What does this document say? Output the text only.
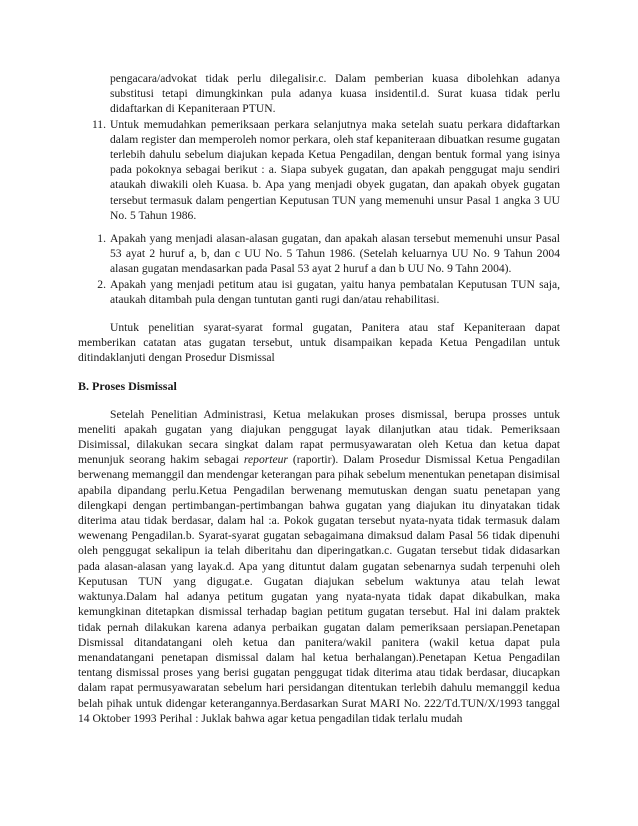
pengacara/advokat tidak perlu dilegalisir.c. Dalam pemberian kuasa dibolehkan adanya substitusi tetapi dimungkinkan pula adanya kuasa insidentil.d. Surat kuasa tidak perlu didaftarkan di Kepaniteraan PTUN.
11. Untuk memudahkan pemeriksaan perkara selanjutnya maka setelah suatu perkara didaftarkan dalam register dan memperoleh nomor perkara, oleh staf kepaniteraan dibuatkan resume gugatan terlebih dahulu sebelum diajukan kepada Ketua Pengadilan, dengan bentuk formal yang isinya pada pokoknya sebagai berikut : a. Siapa subyek gugatan, dan apakah penggugat maju sendiri ataukah diwakili oleh Kuasa. b. Apa yang menjadi obyek gugatan, dan apakah obyek gugatan tersebut termasuk dalam pengertian Keputusan TUN yang memenuhi unsur Pasal 1 angka 3 UU No. 5 Tahun 1986.
1. Apakah yang menjadi alasan-alasan gugatan, dan apakah alasan tersebut memenuhi unsur Pasal 53 ayat 2 huruf a, b, dan c UU No. 5 Tahun 1986. (Setelah keluarnya UU No. 9 Tahun 2004 alasan gugatan mendasarkan pada Pasal 53 ayat 2 huruf a dan b UU No. 9 Tahn 2004).
2. Apakah yang menjadi petitum atau isi gugatan, yaitu hanya pembatalan Keputusan TUN saja, ataukah ditambah pula dengan tuntutan ganti rugi dan/atau rehabilitasi.

Untuk penelitian syarat-syarat formal gugatan, Panitera atau staf Kepaniteraan dapat memberikan catatan atas gugatan tersebut, untuk disampaikan kepada Ketua Pengadilan untuk ditindaklanjuti dengan Prosedur Dismissal

B. Proses Dismissal

Setelah Penelitian Administrasi, Ketua melakukan proses dismissal, berupa prosses untuk meneliti apakah gugatan yang diajukan penggugat layak dilanjutkan atau tidak. Pemeriksaan Disimissal, dilakukan secara singkat dalam rapat permusyawaratan oleh Ketua dan ketua dapat menunjuk seorang hakim sebagai reporteur (raportir). Dalam Prosedur Dismissal Ketua Pengadilan berwenang memanggil dan mendengar keterangan para pihak sebelum menentukan penetapan disimisal apabila dipandang perlu.Ketua Pengadilan berwenang memutuskan dengan suatu penetapan yang dilengkapi dengan pertimbangan-pertimbangan bahwa gugatan yang diajukan itu dinyatakan tidak diterima atau tidak berdasar, dalam hal :a. Pokok gugatan tersebut nyata-nyata tidak termasuk dalam wewenang Pengadilan.b. Syarat-syarat gugatan sebagaimana dimaksud dalam Pasal 56 tidak dipenuhi oleh penggugat sekalipun ia telah diberitahu dan diperingatkan.c. Gugatan tersebut tidak didasarkan pada alasan-alasan yang layak.d. Apa yang dituntut dalam gugatan sebenarnya sudah terpenuhi oleh Keputusan TUN yang digugat.e. Gugatan diajukan sebelum waktunya atau telah lewat waktunya.Dalam hal adanya petitum gugatan yang nyata-nyata tidak dapat dikabulkan, maka kemungkinan ditetapkan dismissal terhadap bagian petitum gugatan tersebut. Hal ini dalam praktek tidak pernah dilakukan karena adanya perbaikan gugatan dalam pemeriksaan persiapan.Penetapan Dismissal ditandatangani oleh ketua dan panitera/wakil panitera (wakil ketua dapat pula menandatangani penetapan dismissal dalam hal ketua berhalangan).Penetapan Ketua Pengadilan tentang dismissal proses yang berisi gugatan penggugat tidak diterima atau tidak berdasar, diucapkan dalam rapat permusyawaratan sebelum hari persidangan ditentukan terlebih dahulu memanggil kedua belah pihak untuk didengar keterangannya.Berdasarkan Surat MARI No. 222/Td.TUN/X/1993 tanggal 14 Oktober 1993 Perihal : Juklak bahwa agar ketua pengadilan tidak terlalu mudah
